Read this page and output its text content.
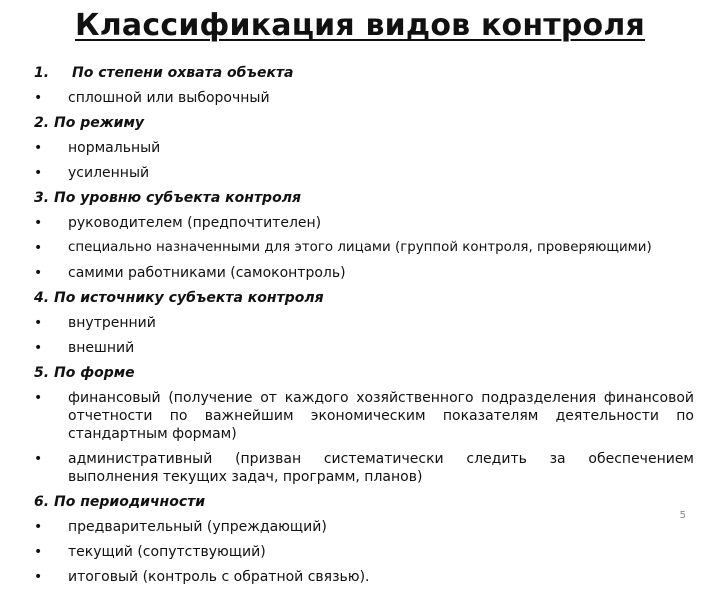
Классификация видов контроля
1. По степени охвата объекта
• сплошной или выборочный
2. По режиму
• нормальный
• усиленный
3. По уровню субъекта контроля
• руководителем (предпочтителен)
• специально назначенными для этого лицами (группой контроля, проверяющими)
• самими работниками (самоконтроль)
4. По источнику субъекта контроля
• внутренний
• внешний
5. По форме
• финансовый (получение от каждого хозяйственного подразделения финансовой отчетности по важнейшим экономическим показателям деятельности по стандартным формам)
• административный (призван систематически следить за обеспечением выполнения текущих задач, программ, планов)
6. По периодичности
• предварительный (упреждающий)
• текущий (сопутствующий)
• итоговый (контроль с обратной связью).
5
